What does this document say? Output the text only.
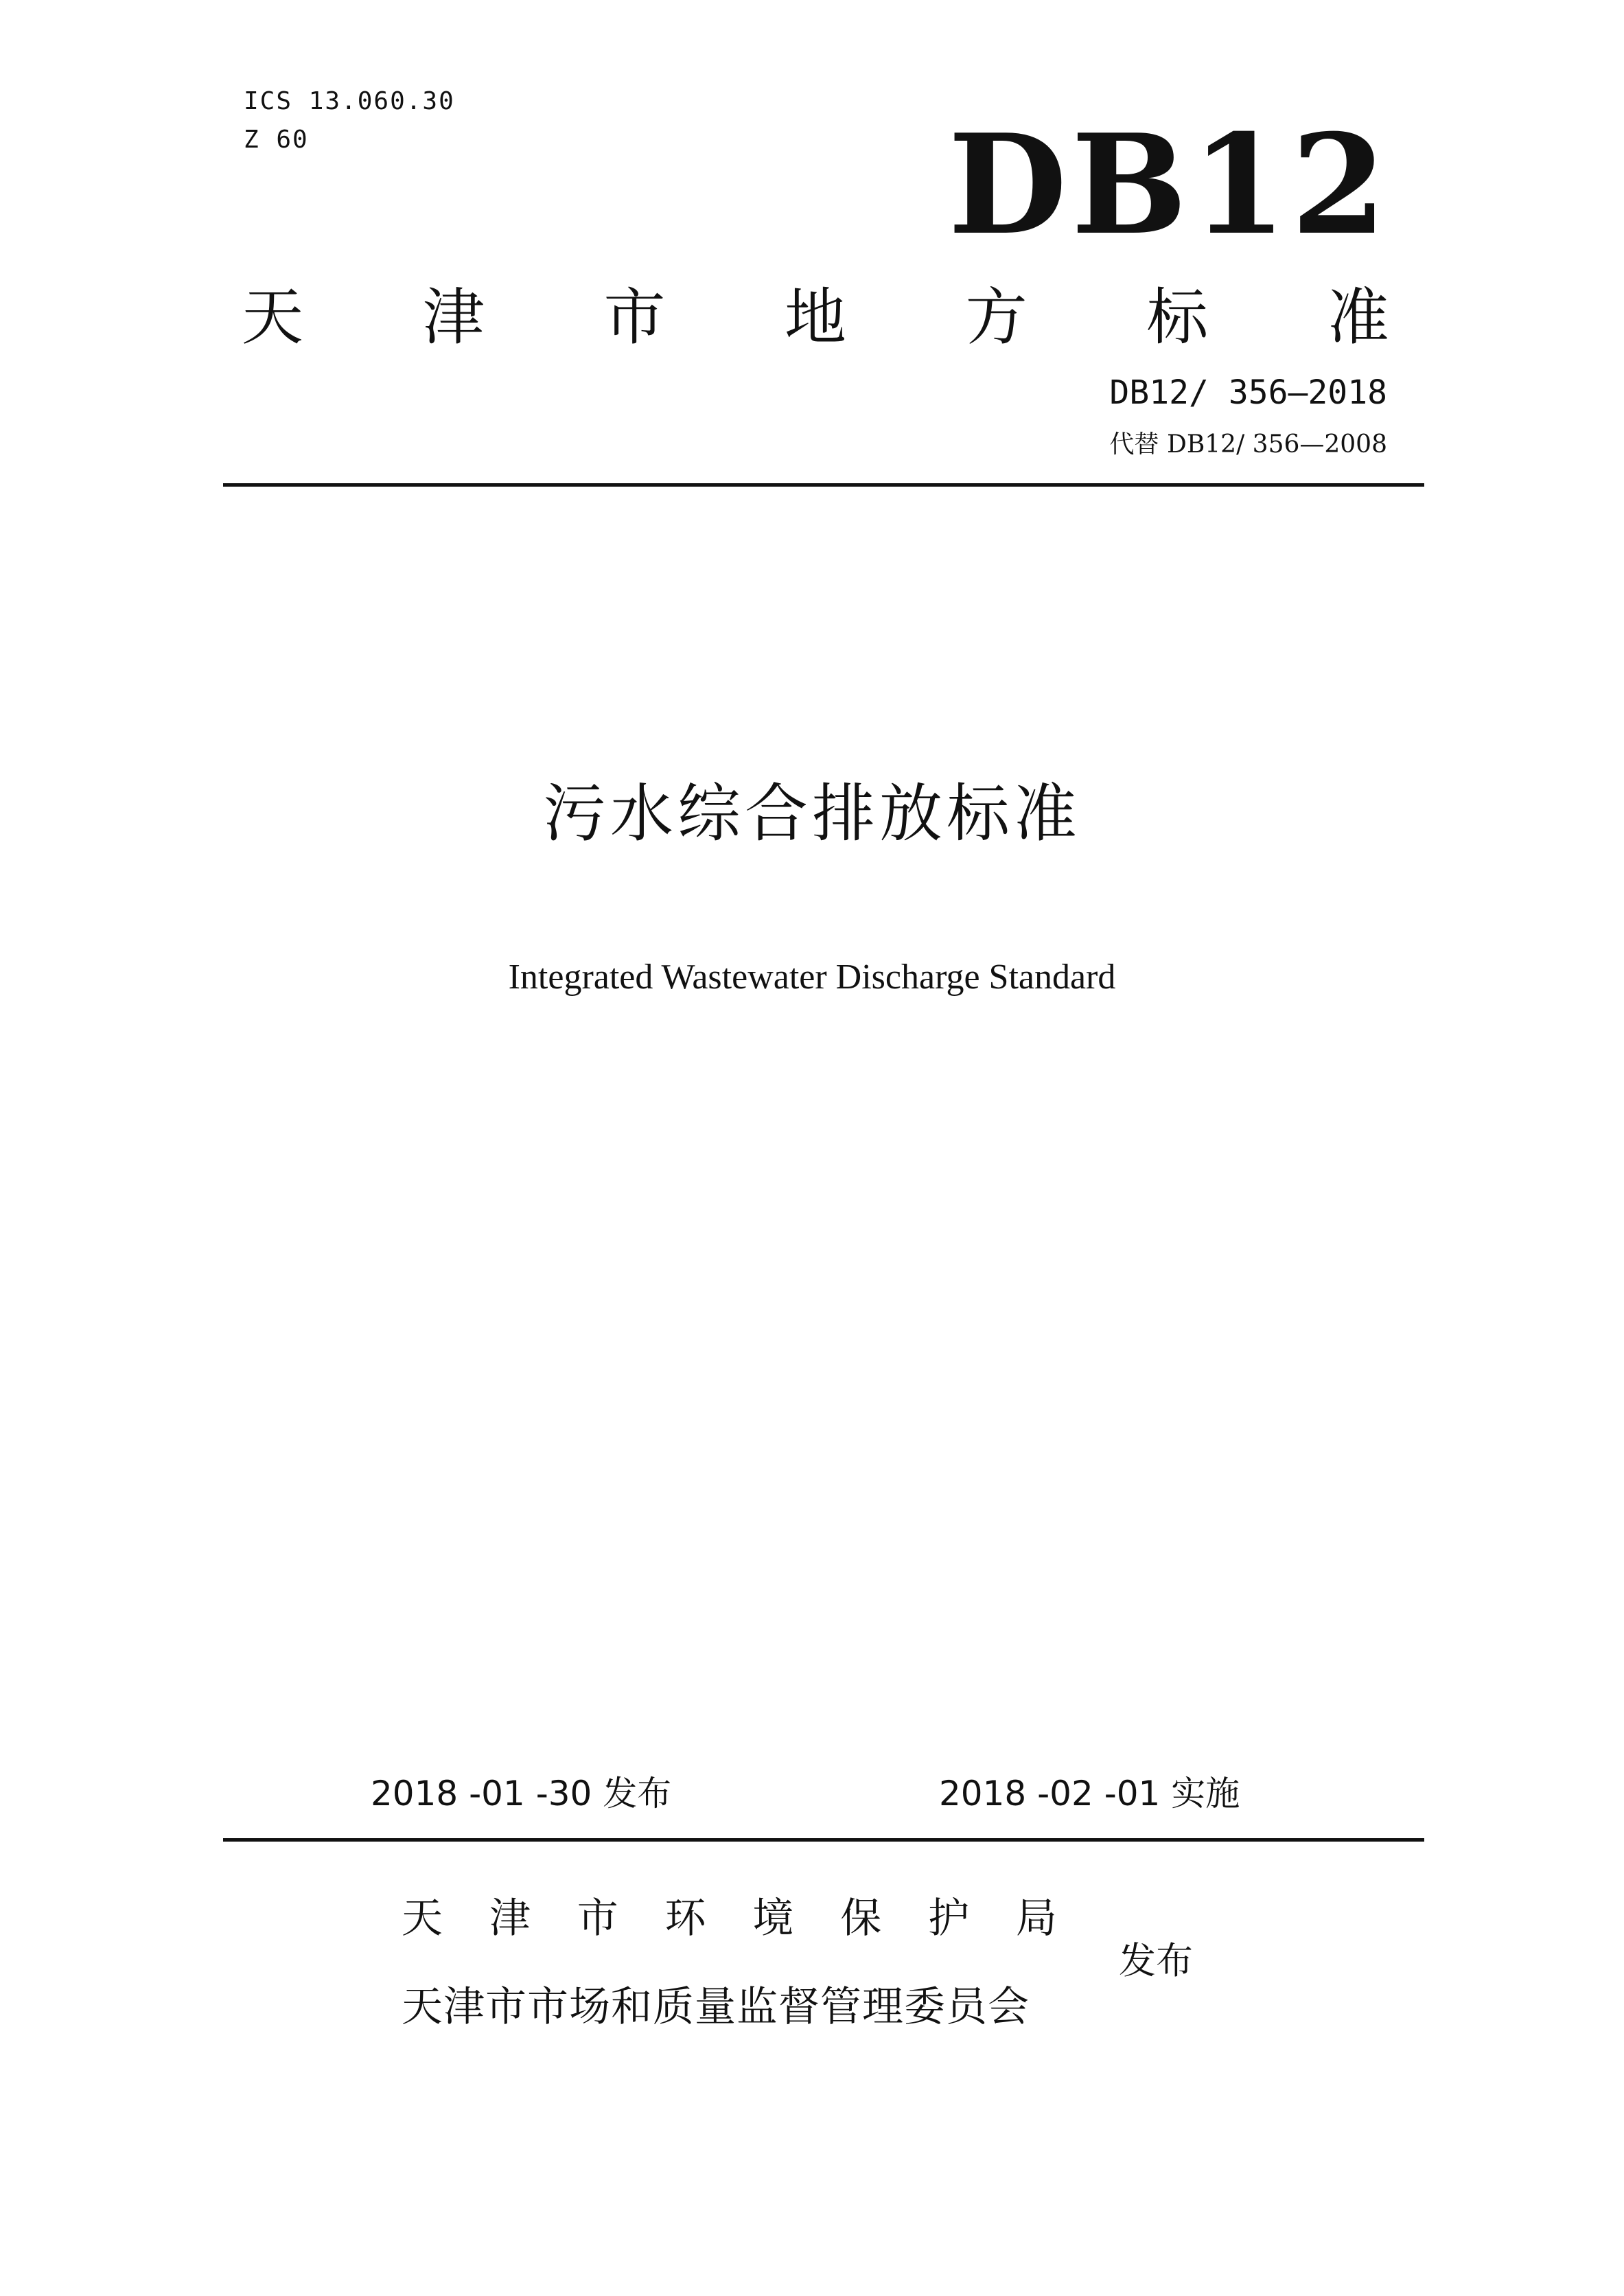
ICS 13.060.30
Z 60	DB12
天 津 市 地 方 标 准
DB12/ 356—2018
代替 DB12/ 356—2008
污水综合排放标准
Integrated Wastewater Discharge Standard
2018 -01 -30 发布	2018 -02 -01 实施
天 津 市 环 境 保 护 局
天津市市场和质量监督管理委员会
发布
